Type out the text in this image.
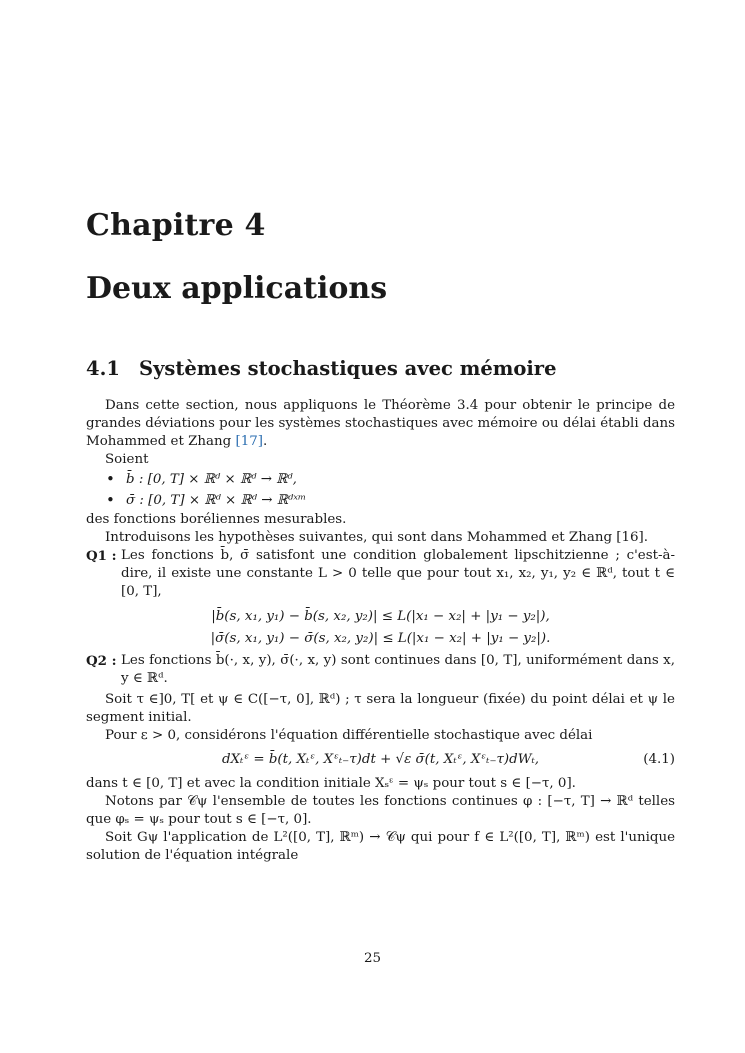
Chapitre 4
Deux applications
4.1 Systèmes stochastiques avec mémoire

Dans cette section, nous appliquons le Théorème 3.4 pour obtenir le principe de grandes déviations pour les systèmes stochastiques avec mémoire ou délai établi dans Mohammed et Zhang [17].

Soient

• b̄ : [0, T] × ℝᵈ × ℝᵈ → ℝᵈ,
• σ̄ : [0, T] × ℝᵈ × ℝᵈ → ℝᵈˣᵐ

des fonctions boréliennes mesurables.

Introduisons les hypothèses suivantes, qui sont dans Mohammed et Zhang [16].

Q1 : Les fonctions b̄, σ̄ satisfont une condition globalement lipschitzienne ; c'est-à-dire, il existe une constante L > 0 telle que pour tout x₁, x₂, y₁, y₂ ∈ ℝᵈ, tout t ∈ [0, T],
|b̄(s, x₁, y₁) − b̄(s, x₂, y₂)| ≤ L(|x₁ − x₂| + |y₁ − y₂|),
|σ̄(s, x₁, y₁) − σ̄(s, x₂, y₂)| ≤ L(|x₁ − x₂| + |y₁ − y₂|).
Q2 : Les fonctions b̄(·, x, y), σ̄(·, x, y) sont continues dans [0, T], uniformément dans x, y ∈ ℝᵈ.

Soit τ ∈]0, T[ et ψ ∈ C([−τ, 0], ℝᵈ) ; τ sera la longueur (fixée) du point délai et ψ le segment initial.

Pour ε > 0, considérons l'équation différentielle stochastique avec délai

dXₜᵋ = b̄(t, Xₜᵋ, Xᵋₜ₋τ)dt + √ε σ̄(t, Xₜᵋ, Xᵋₜ₋τ)dWₜ,	(4.1)

dans t ∈ [0, T] et avec la condition initiale Xₛᵋ = ψₛ pour tout s ∈ [−τ, 0].

Notons par 𝒞ψ l'ensemble de toutes les fonctions continues φ : [−τ, T] → ℝᵈ telles que φₛ = ψₛ pour tout s ∈ [−τ, 0].

Soit Gψ l'application de L²([0, T], ℝᵐ) → 𝒞ψ qui pour f ∈ L²([0, T], ℝᵐ) est l'unique solution de l'équation intégrale

25
